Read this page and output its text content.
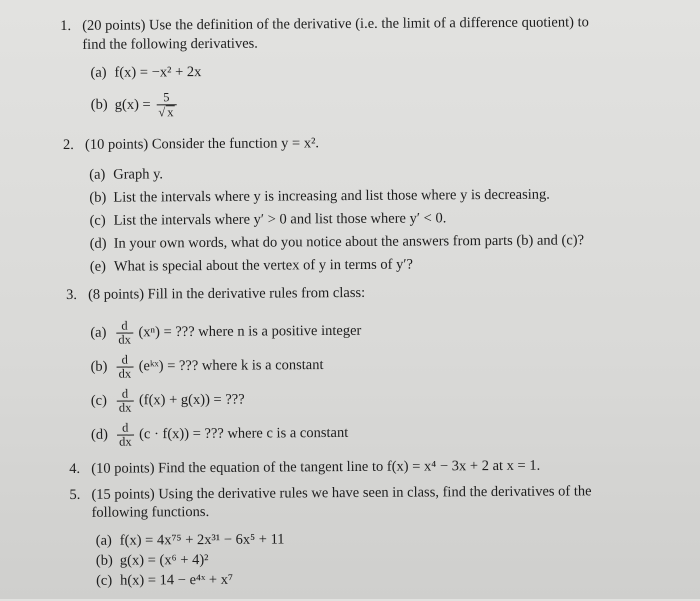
1. (20 points) Use the definition of the derivative (i.e. the limit of a difference quotient) to
find the following derivatives.
(a) f(x) = −x² + 2x
(b) $g(x) = \frac{5}{√ x}$
2. (10 points) Consider the function y = x².
(a) Graph y.
(b) List the intervals where y is increasing and list those where y is decreasing.
(c) List the intervals where y′ > 0 and list those where y′ < 0.
(d) In your own words, what do you notice about the answers from parts (b) and (c)?
(e) What is special about the vertex of y in terms of y′?
3. (8 points) Fill in the derivative rules from class:
$(a) \frac{d}{dx} (x^n)$ = ??? where n is a positive integer
$(b) \frac{d}{dx}$ (eᵏˣ) = ??? where k is a constant
$(c) \frac{d}{dx} (f(x) + g(x))$ = ???
$(d) \frac{d}{dx} (c \cdot f(x))$ = ??? where c is a constant
4. (10 points) Find the equation of the tangent line to f(x) = x⁴ − 3x + 2 at x = 1.
5. (15 points) Using the derivative rules we have seen in class, find the derivatives of the
following functions.
(a) f(x) = 4x⁷⁵ + 2x³¹ − 6x⁵ + 11
(b) g(x) = (x⁶ + 4)²
(c) h(x) = 14 − e⁴ˣ + x⁷
